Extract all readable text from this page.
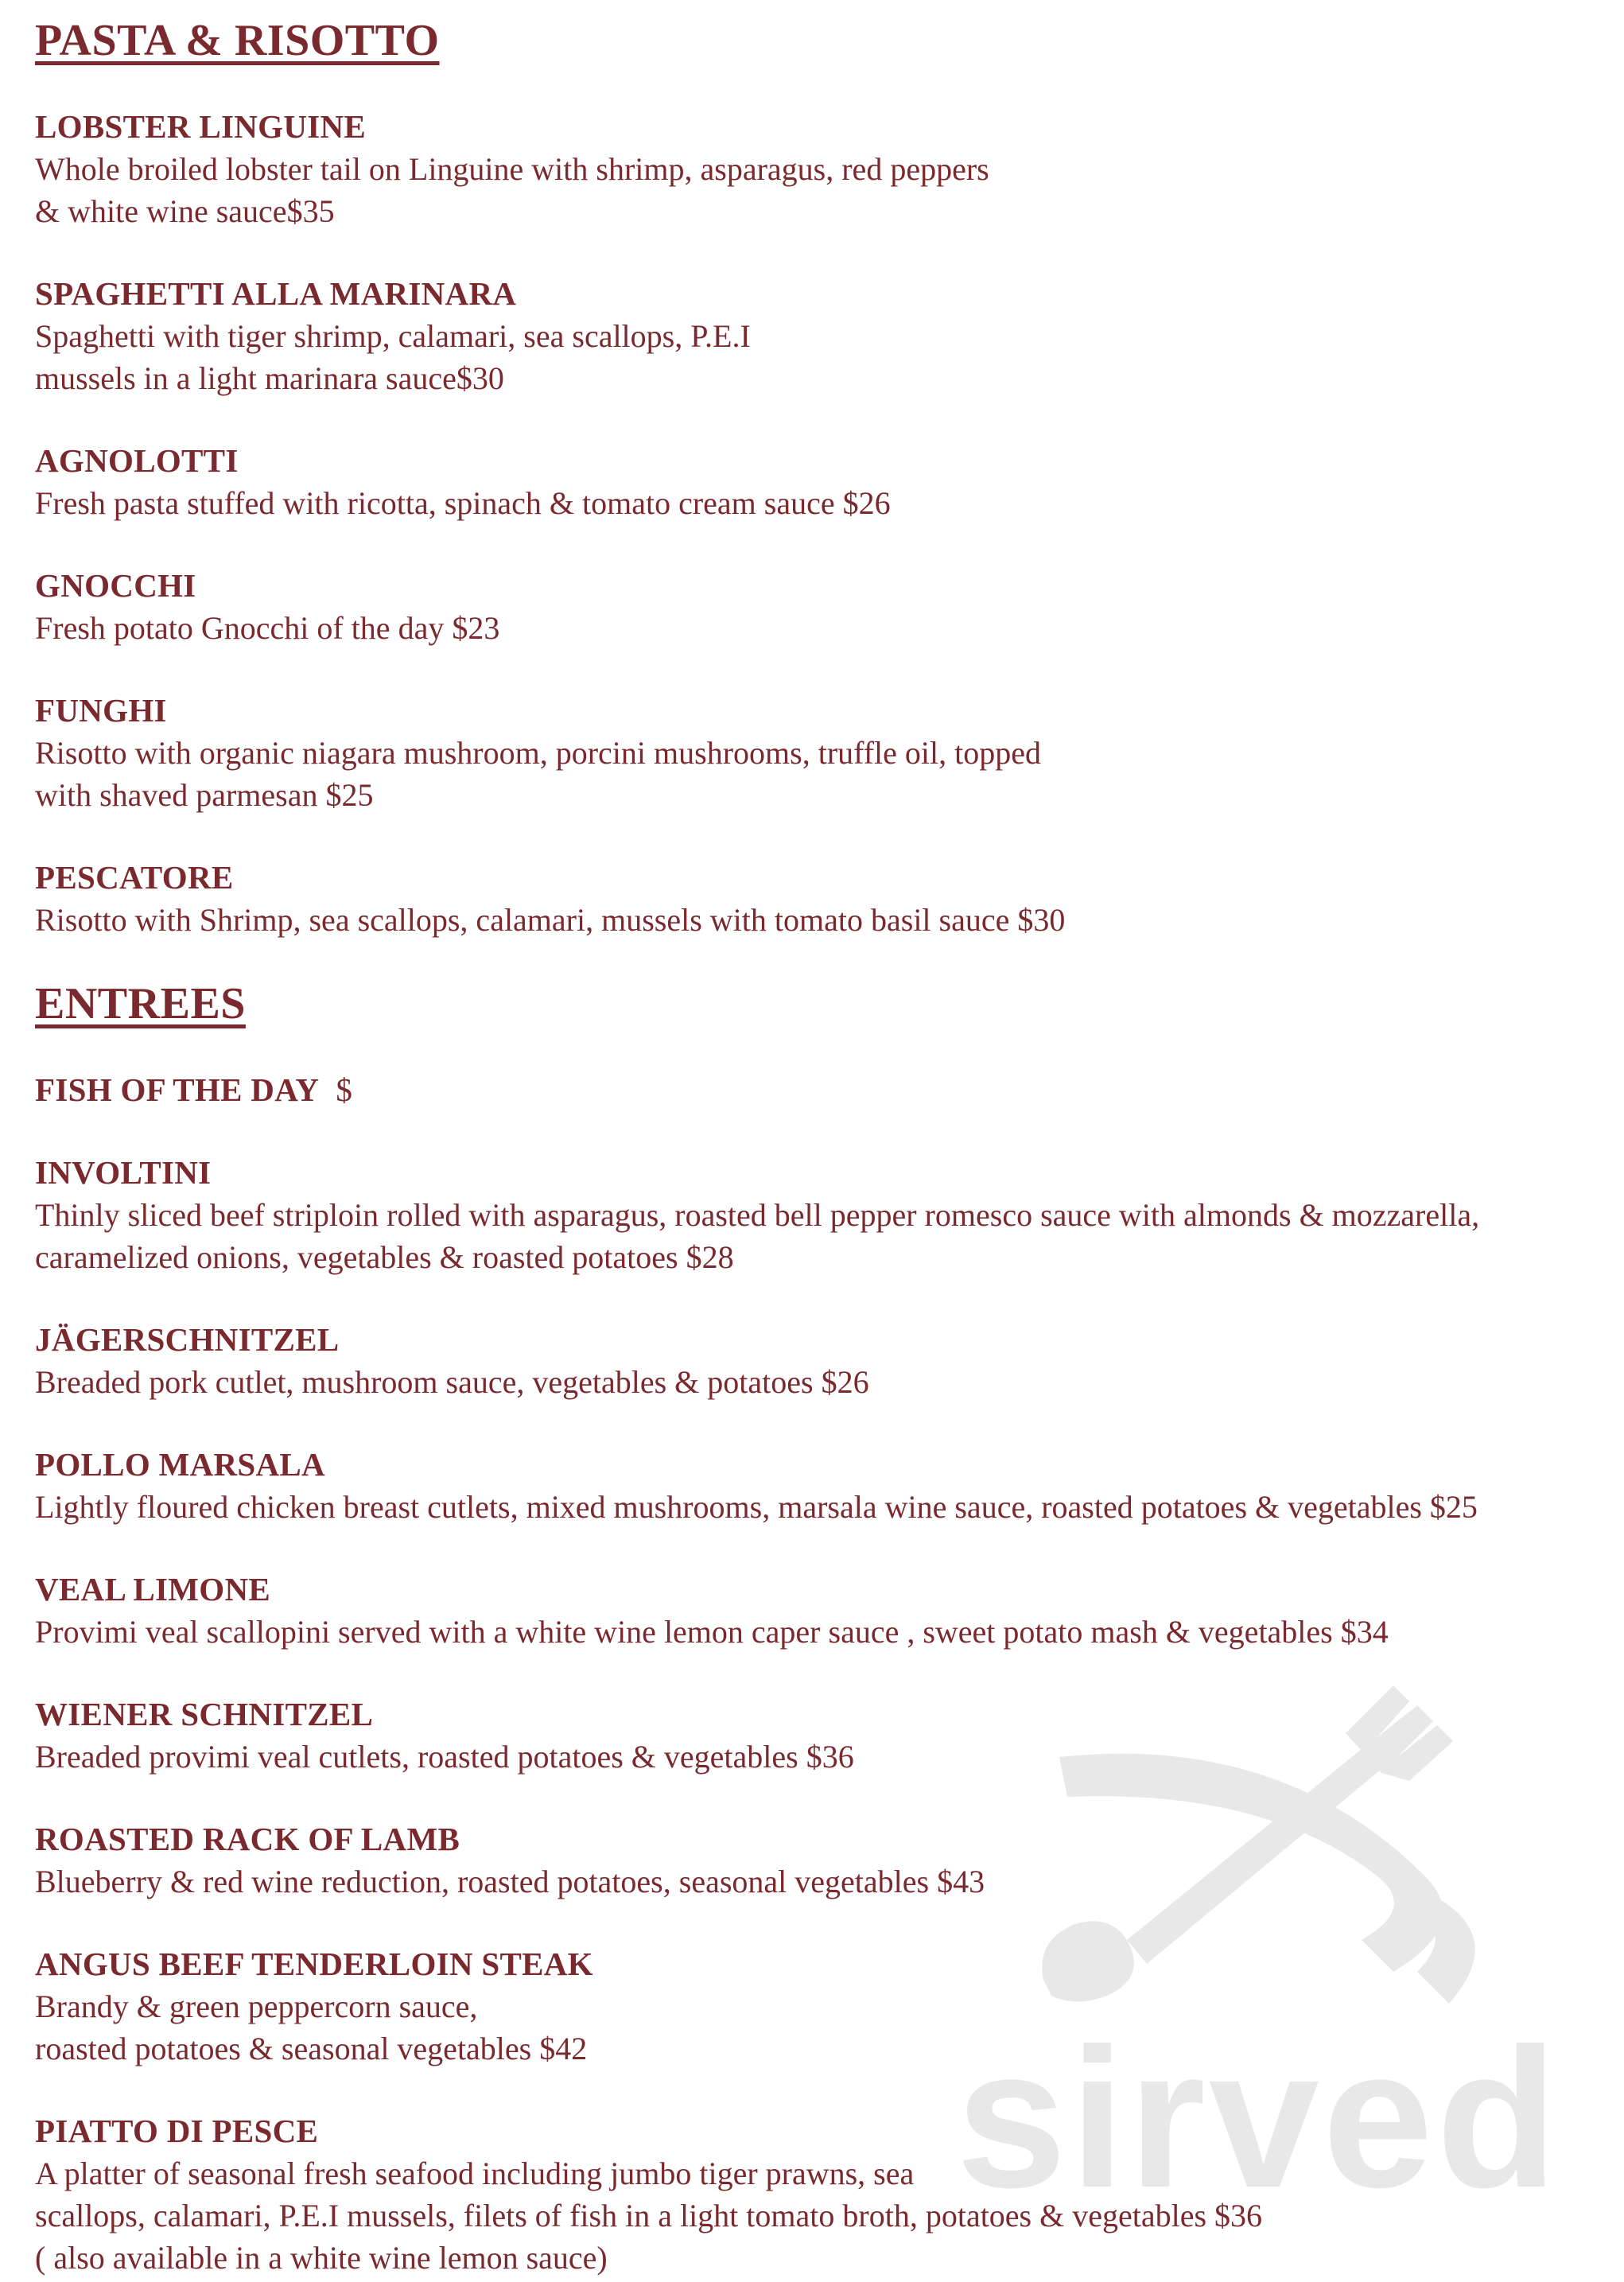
sirved
PASTA & RISOTTO
LOBSTER LINGUINE
Whole broiled lobster tail on Linguine with shrimp, asparagus, red peppers
& white wine sauce$35
SPAGHETTI ALLA MARINARA
Spaghetti with tiger shrimp, calamari, sea scallops, P.E.I
mussels in a light marinara sauce$30
AGNOLOTTI
Fresh pasta stuffed with ricotta, spinach & tomato cream sauce $26
GNOCCHI
Fresh potato Gnocchi of the day $23
FUNGHI
Risotto with organic niagara mushroom, porcini mushrooms, truffle oil, topped
with shaved parmesan $25
PESCATORE
Risotto with Shrimp, sea scallops, calamari, mussels with tomato basil sauce $30
ENTREES
FISH OF THE DAY $
INVOLTINI
Thinly sliced beef striploin rolled with asparagus, roasted bell pepper romesco sauce with almonds & mozzarella,
caramelized onions, vegetables & roasted potatoes $28
JÄGERSCHNITZEL
Breaded pork cutlet, mushroom sauce, vegetables & potatoes $26
POLLO MARSALA
Lightly floured chicken breast cutlets, mixed mushrooms, marsala wine sauce, roasted potatoes & vegetables $25
VEAL LIMONE
Provimi veal scallopini served with a white wine lemon caper sauce , sweet potato mash & vegetables $34
WIENER SCHNITZEL
Breaded provimi veal cutlets, roasted potatoes & vegetables $36
ROASTED RACK OF LAMB
Blueberry & red wine reduction, roasted potatoes, seasonal vegetables $43
ANGUS BEEF TENDERLOIN STEAK
Brandy & green peppercorn sauce,
roasted potatoes & seasonal vegetables $42
PIATTO DI PESCE
A platter of seasonal fresh seafood including jumbo tiger prawns, sea
scallops, calamari, P.E.I mussels, filets of fish in a light tomato broth, potatoes & vegetables $36
( also available in a white wine lemon sauce)
